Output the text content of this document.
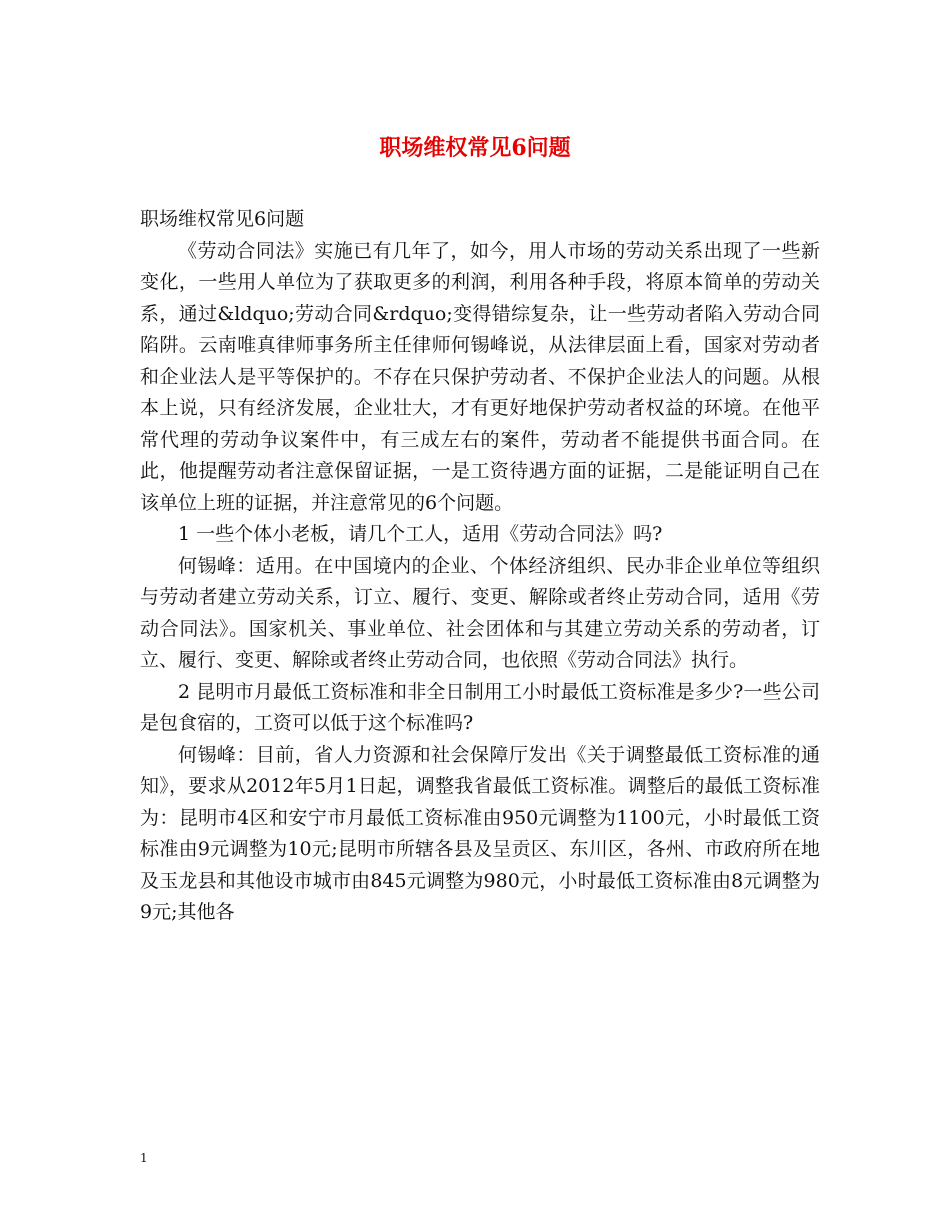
职场维权常见6问题

职场维权常见6问题

《劳动合同法》实施已有几年了，如今，用人市场的劳动关系出现了一些新变化，一些用人单位为了获取更多的利润，利用各种手段，将原本简单的劳动关系，通过&ldquo;劳动合同&rdquo;变得错综复杂，让一些劳动者陷入劳动合同陷阱。云南唯真律师事务所主任律师何锡峰说，从法律层面上看，国家对劳动者和企业法人是平等保护的。不存在只保护劳动者、不保护企业法人的问题。从根本上说，只有经济发展，企业壮大，才有更好地保护劳动者权益的环境。在他平常代理的劳动争议案件中，有三成左右的案件，劳动者不能提供书面合同。在此，他提醒劳动者注意保留证据，一是工资待遇方面的证据，二是能证明自己在该单位上班的证据，并注意常见的6个问题。

1 一些个体小老板，请几个工人，适用《劳动合同法》吗?

何锡峰：适用。在中国境内的企业、个体经济组织、民办非企业单位等组织与劳动者建立劳动关系，订立、履行、变更、解除或者终止劳动合同，适用《劳动合同法》。国家机关、事业单位、社会团体和与其建立劳动关系的劳动者，订立、履行、变更、解除或者终止劳动合同，也依照《劳动合同法》执行。

2 昆明市月最低工资标准和非全日制用工小时最低工资标准是多少?一些公司是包食宿的，工资可以低于这个标准吗?

何锡峰：目前，省人力资源和社会保障厅发出《关于调整最低工资标准的通知》，要求从2012年5月1日起，调整我省最低工资标准。调整后的最低工资标准为：昆明市4区和安宁市月最低工资标准由950元调整为1100元，小时最低工资标准由9元调整为10元;昆明市所辖各县及呈贡区、东川区，各州、市政府所在地及玉龙县和其他设市城市由845元调整为980元，小时最低工资标准由8元调整为9元;其他各

1
